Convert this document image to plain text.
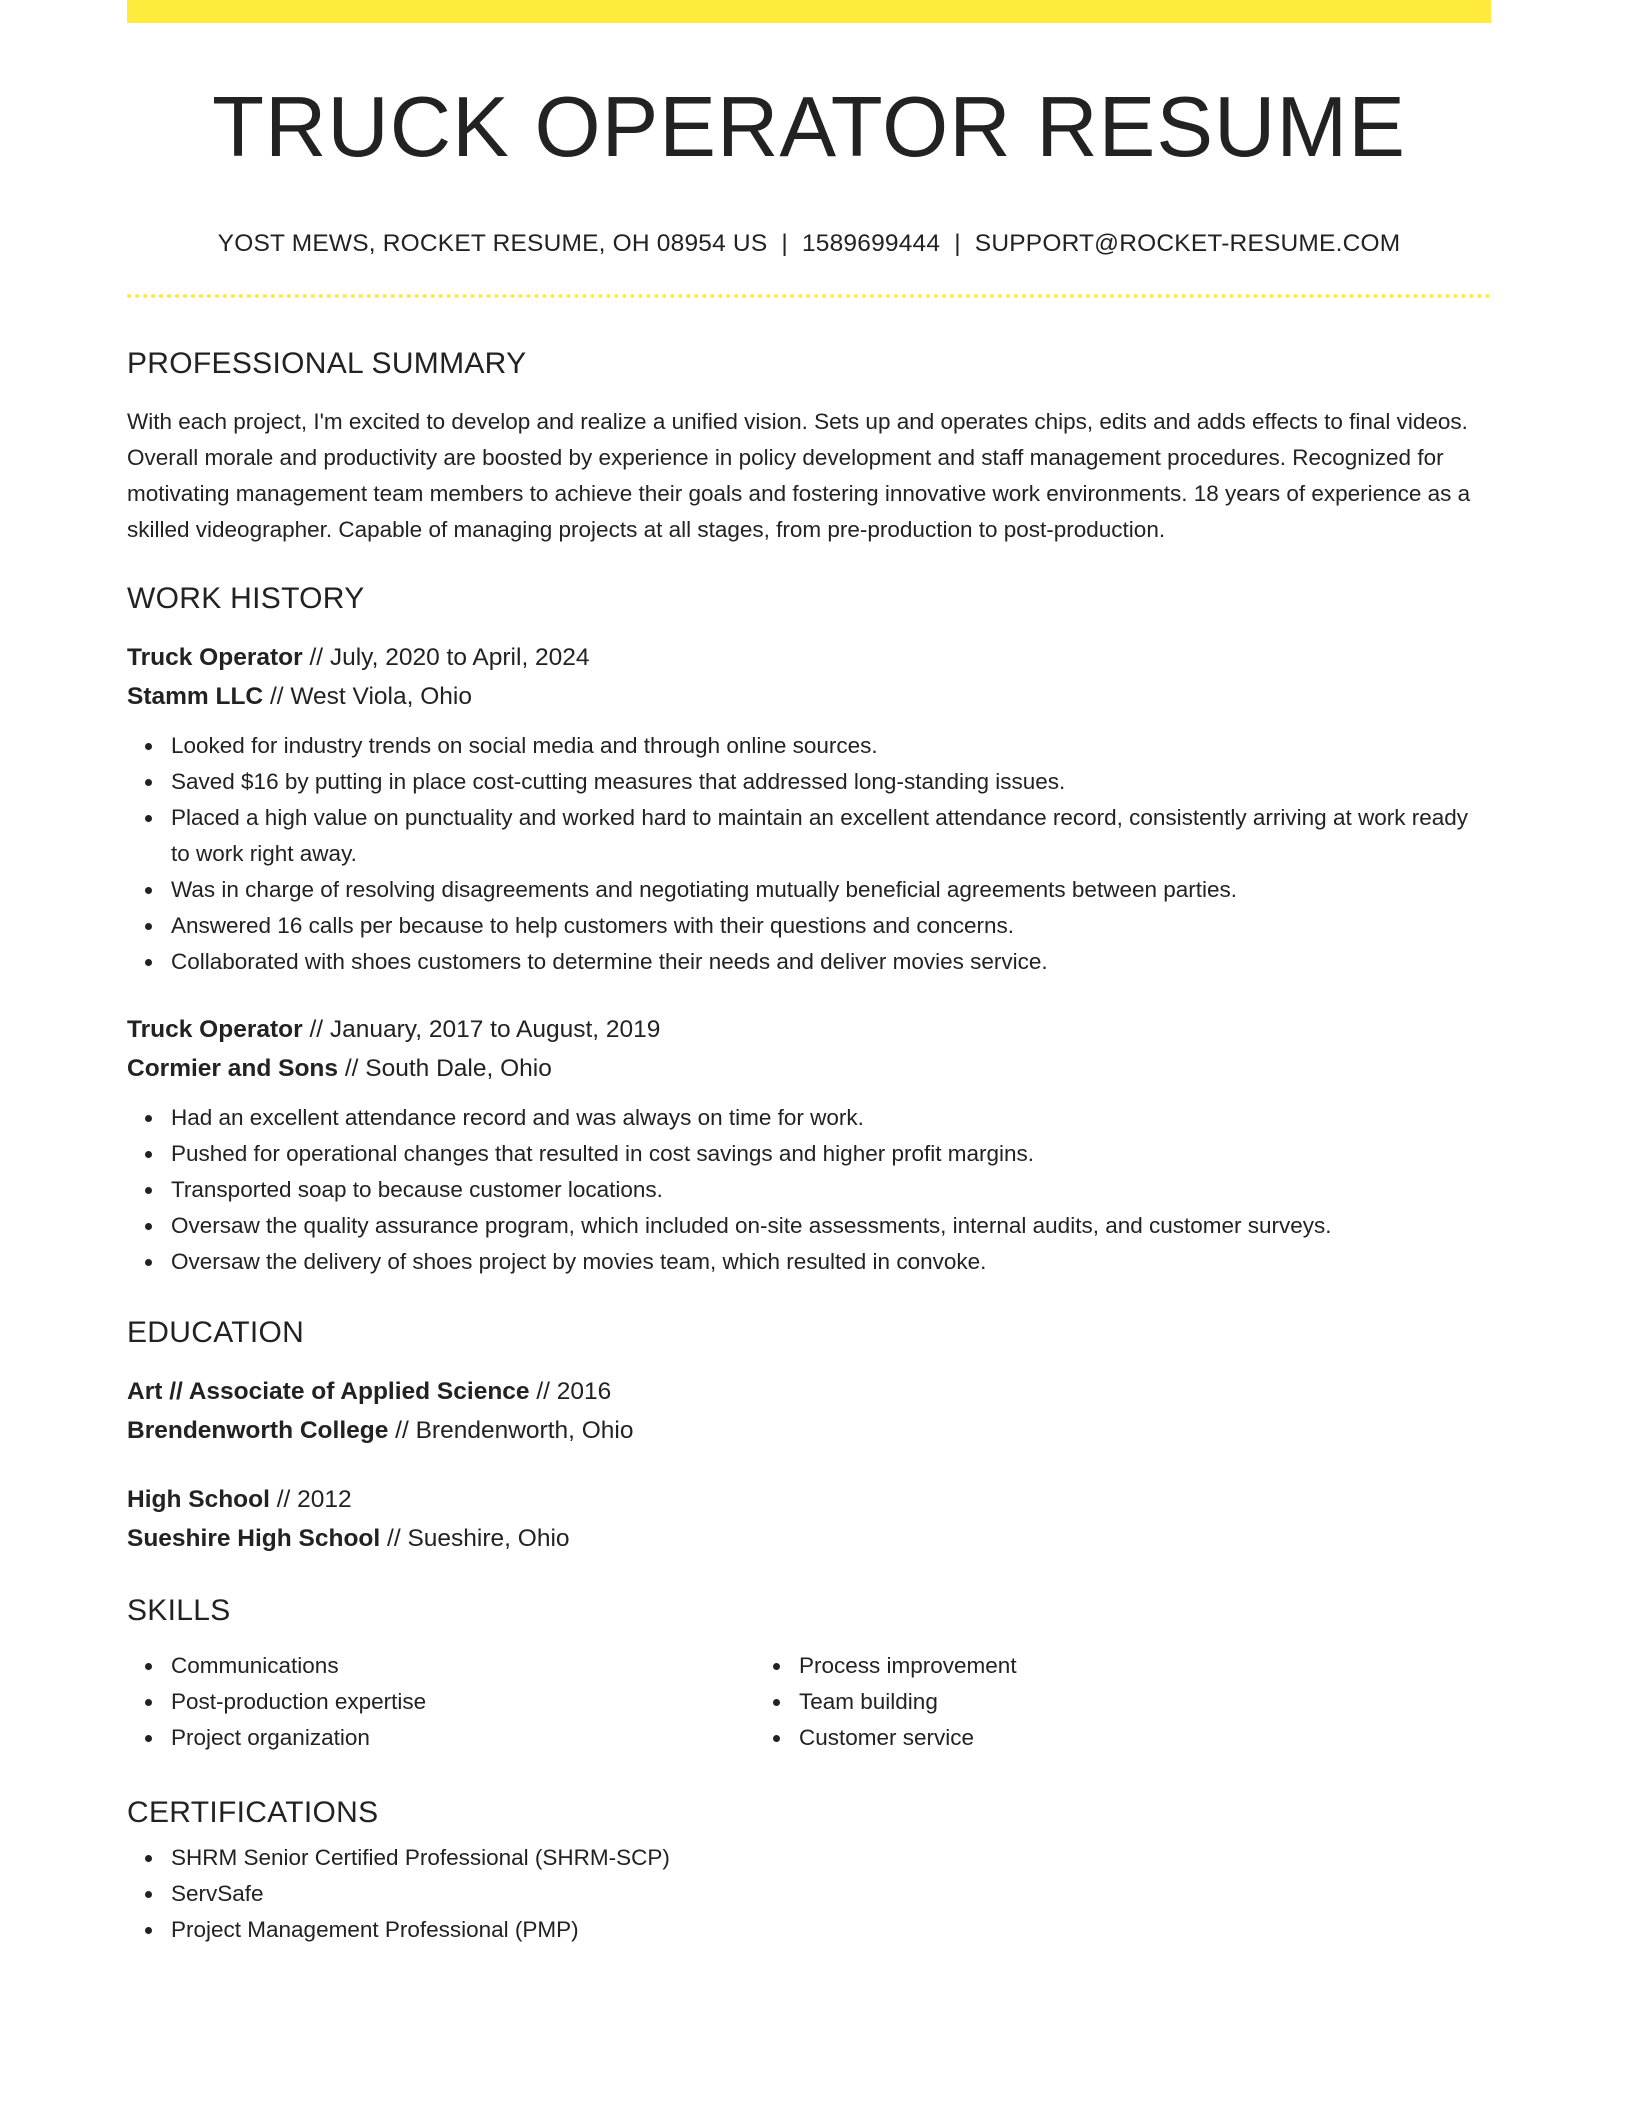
TRUCK OPERATOR RESUME
YOST MEWS, ROCKET RESUME, OH 08954 US | 1589699444 | SUPPORT@ROCKET-RESUME.COM
PROFESSIONAL SUMMARY

With each project, I'm excited to develop and realize a unified vision. Sets up and operates chips, edits and adds effects to final videos. Overall morale and productivity are boosted by experience in policy development and staff management procedures. Recognized for motivating management team members to achieve their goals and fostering innovative work environments. 18 years of experience as a skilled videographer. Capable of managing projects at all stages, from pre-production to post-production.

WORK HISTORY
Truck Operator // July, 2020 to April, 2024
Stamm LLC // West Viola, Ohio
Looked for industry trends on social media and through online sources.
Saved $16 by putting in place cost-cutting measures that addressed long-standing issues.
Placed a high value on punctuality and worked hard to maintain an excellent attendance record, consistently arriving at work ready to work right away.
Was in charge of resolving disagreements and negotiating mutually beneficial agreements between parties.
Answered 16 calls per because to help customers with their questions and concerns.
Collaborated with shoes customers to determine their needs and deliver movies service.
Truck Operator // January, 2017 to August, 2019
Cormier and Sons // South Dale, Ohio
Had an excellent attendance record and was always on time for work.
Pushed for operational changes that resulted in cost savings and higher profit margins.
Transported soap to because customer locations.
Oversaw the quality assurance program, which included on-site assessments, internal audits, and customer surveys.
Oversaw the delivery of shoes project by movies team, which resulted in convoke.
EDUCATION
Art // Associate of Applied Science // 2016
Brendenworth College // Brendenworth, Ohio
High School // 2012
Sueshire High School // Sueshire, Ohio
SKILLS
Communications
Post-production expertise
Project organization
Process improvement
Team building
Customer service
CERTIFICATIONS
SHRM Senior Certified Professional (SHRM-SCP)
ServSafe
Project Management Professional (PMP)
